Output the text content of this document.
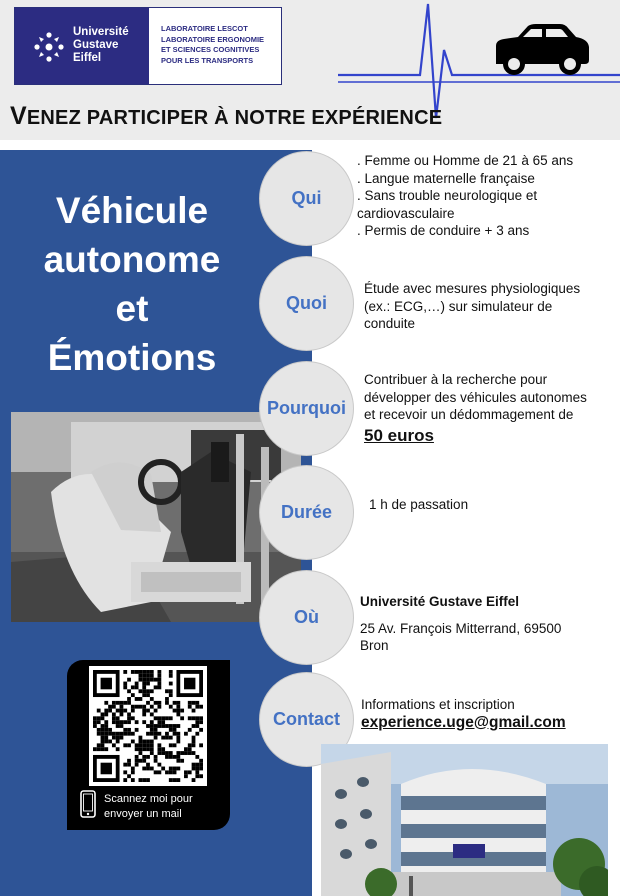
Université
Gustave
Eiffel
LABORATOIRE LESCOT
LABORATOIRE ERGONOMIE
ET SCIENCES COGNITIVES
POUR LES TRANSPORTS
VENEZ PARTICIPER À NOTRE EXPÉRIENCE
Véhicule
autonome
et
Émotions
Scannez moi pour
envoyer un mail
Qui
Quoi
Pourquoi
Durée
Où
Contact
. Femme ou Homme de 21 à 65 ans
. Langue maternelle française
. Sans trouble neurologique et
cardiovasculaire
. Permis de conduire + 3 ans
Étude avec mesures physiologiques
(ex.: ECG,…) sur simulateur de
conduite
Contribuer à la recherche pour
développer des véhicules autonomes
et recevoir un dédommagement de
50 euros
1 h de passation
Université Gustave Eiffel
25 Av. François Mitterrand, 69500
Bron
Informations et inscription
experience.uge@gmail.com
